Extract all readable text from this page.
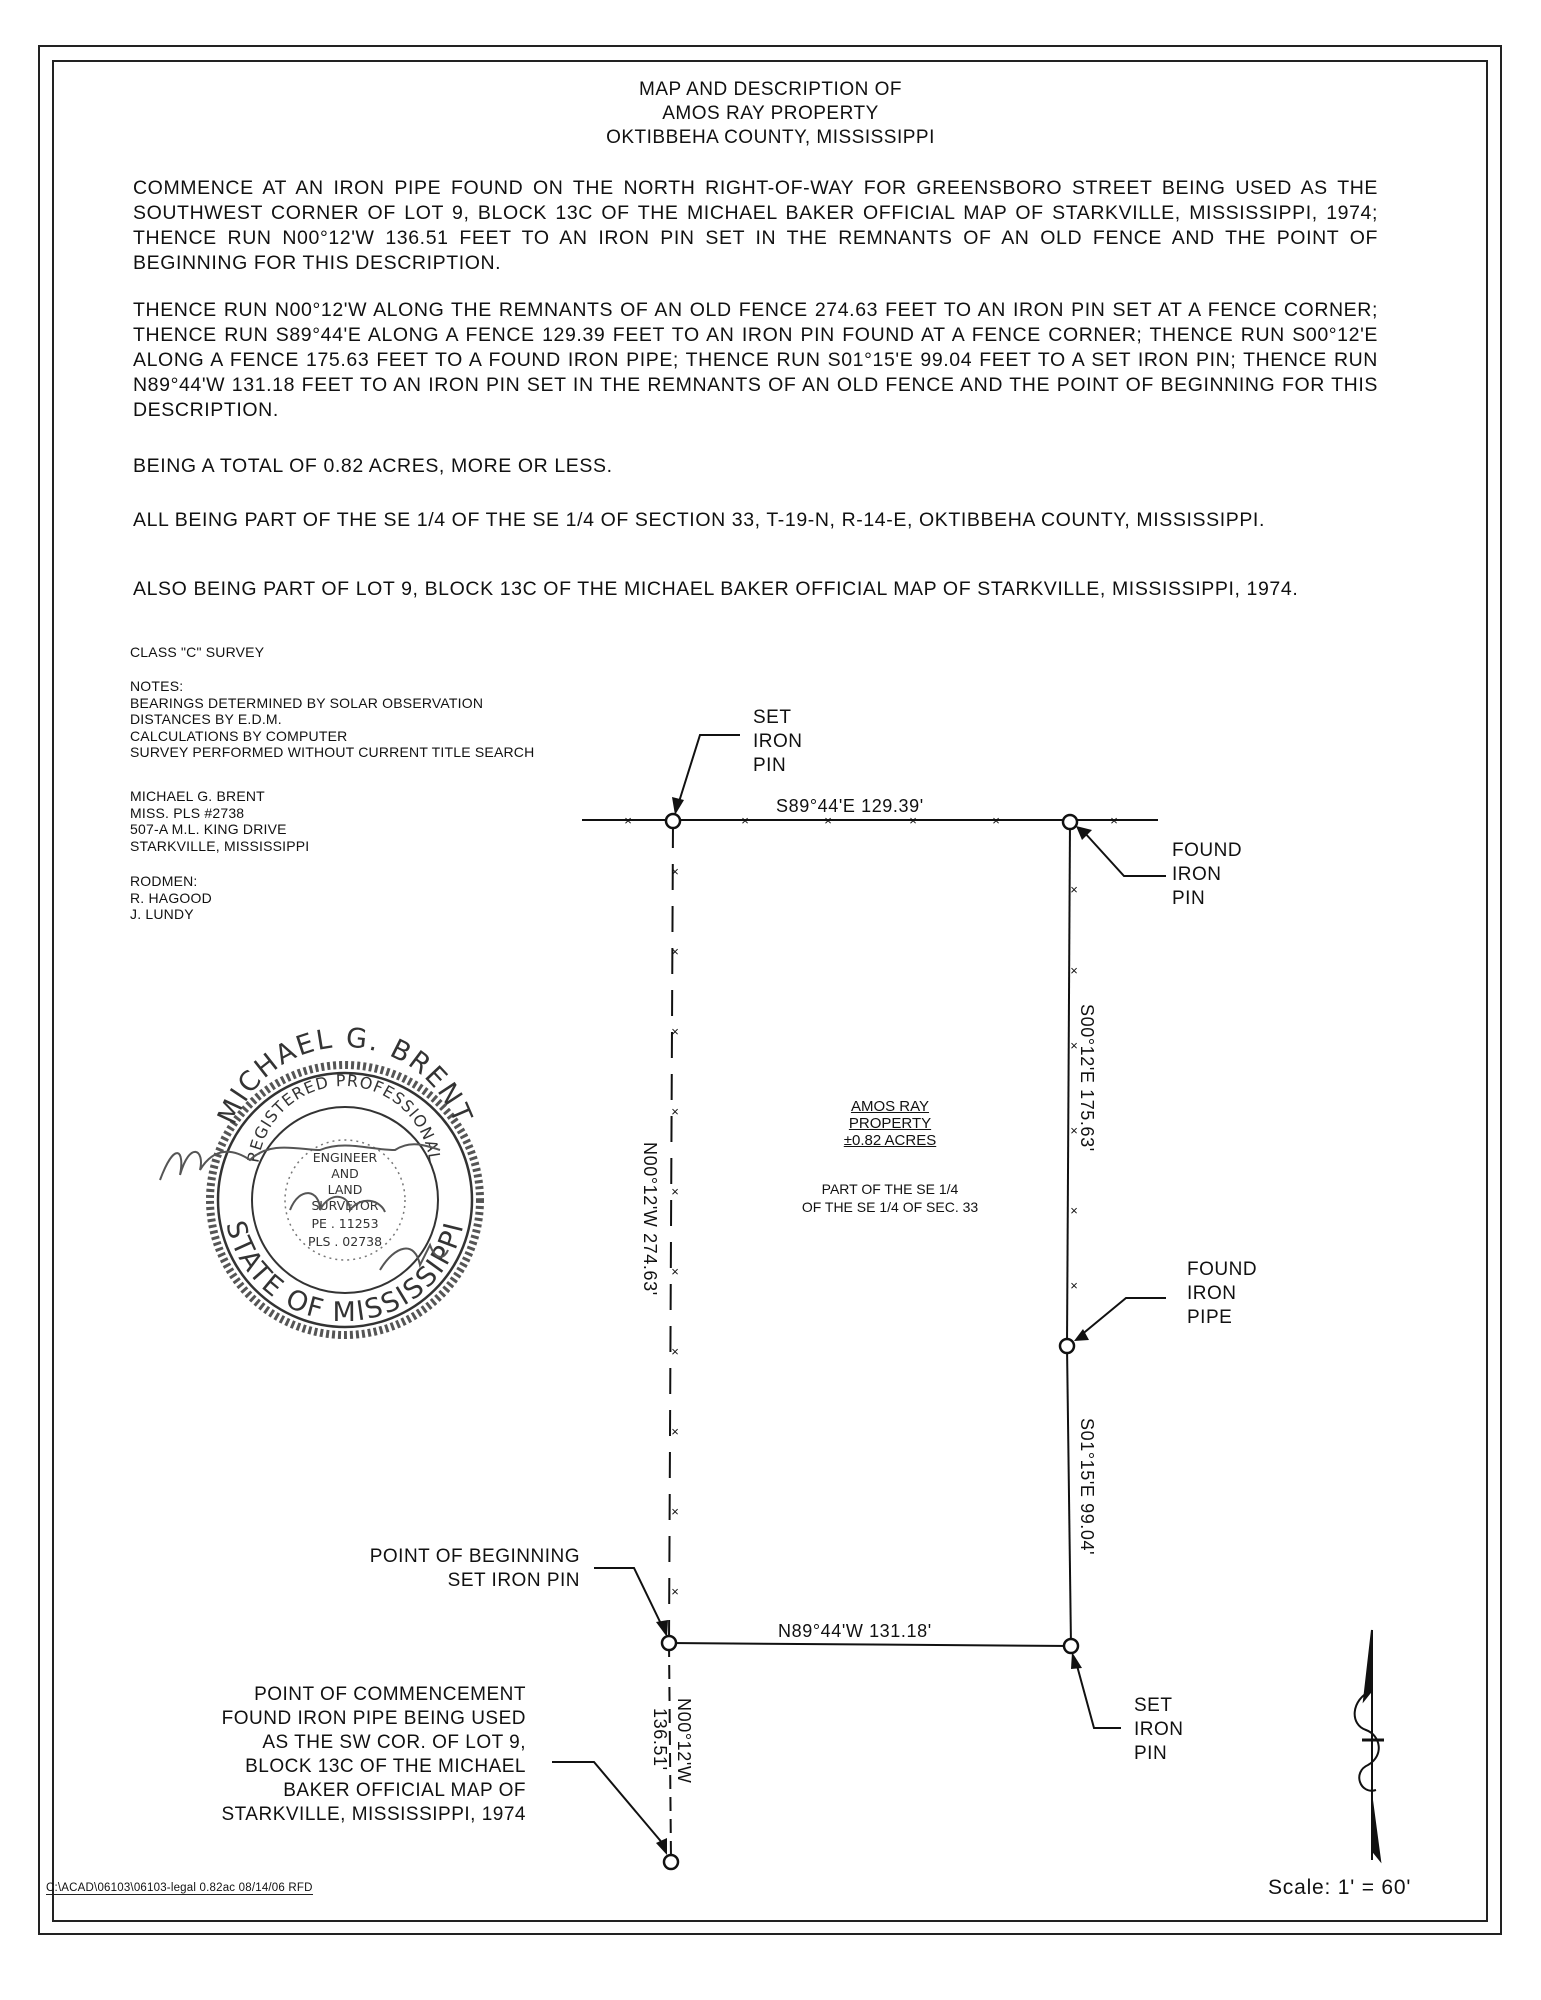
MAP AND DESCRIPTION OF
AMOS RAY PROPERTY
OKTIBBEHA COUNTY, MISSISSIPPI
COMMENCE AT AN IRON PIPE FOUND ON THE NORTH RIGHT-OF-WAY FOR GREENSBORO STREET BEING USED AS THE SOUTHWEST CORNER OF LOT 9, BLOCK 13C OF THE MICHAEL BAKER OFFICIAL MAP OF STARKVILLE, MISSISSIPPI, 1974; THENCE RUN N00°12'W 136.51 FEET TO AN IRON PIN SET IN THE REMNANTS OF AN OLD FENCE AND THE POINT OF BEGINNING FOR THIS DESCRIPTION.
THENCE RUN N00°12'W ALONG THE REMNANTS OF AN OLD FENCE 274.63 FEET TO AN IRON PIN SET AT A FENCE CORNER; THENCE RUN S89°44'E ALONG A FENCE 129.39 FEET TO AN IRON PIN FOUND AT A FENCE CORNER; THENCE RUN S00°12'E ALONG A FENCE 175.63 FEET TO A FOUND IRON PIPE; THENCE RUN S01°15'E 99.04 FEET TO A SET IRON PIN; THENCE RUN N89°44'W 131.18 FEET TO AN IRON PIN SET IN THE REMNANTS OF AN OLD FENCE AND THE POINT OF BEGINNING FOR THIS DESCRIPTION.
BEING A TOTAL OF 0.82 ACRES, MORE OR LESS.
ALL BEING PART OF THE SE 1/4 OF THE SE 1/4 OF SECTION 33, T-19-N, R-14-E, OKTIBBEHA COUNTY, MISSISSIPPI.
ALSO BEING PART OF LOT 9, BLOCK 13C OF THE MICHAEL BAKER OFFICIAL MAP OF STARKVILLE, MISSISSIPPI, 1974.
CLASS "C" SURVEY
NOTES:
BEARINGS DETERMINED BY SOLAR OBSERVATION
DISTANCES BY E.D.M.
CALCULATIONS BY COMPUTER
SURVEY PERFORMED WITHOUT CURRENT TITLE SEARCH
MICHAEL G. BRENT
MISS. PLS #2738
507-A M.L. KING DRIVE
STARKVILLE, MISSISSIPPI
RODMEN:
R. HAGOOD
J. LUNDY
×	×	×	×	×	×
×
×
×
×
×
×
×
×
×
×
×
×
×
×
×
×
MICHAEL G. BRENT
REGISTERED PROFESSIONAL
STATE OF MISSISSIPPI
ENGINEER
AND
LAND
SURVEYOR
PE . 11253
PLS . 02738
S89°44'E 129.39'
N89°44'W 131.18'
S00°12'E 175.63'
S01°15'E 99.04'
N00°12'W 274.63'
N00°12'W
136.51'
SET
IRON
PIN
FOUND
IRON
PIN
FOUND
IRON
PIPE
SET
IRON
PIN
POINT OF BEGINNING
SET IRON PIN
POINT OF COMMENCEMENT
FOUND IRON PIPE BEING USED
AS THE SW COR. OF LOT 9,
BLOCK 13C OF THE MICHAEL
BAKER OFFICIAL MAP OF
STARKVILLE, MISSISSIPPI, 1974
AMOS RAY
PROPERTY
±0.82 ACRES
PART OF THE SE 1/4
OF THE SE 1/4 OF SEC. 33
C:\ACAD\06103\06103-legal 0.82ac 08/14/06 RFD	Scale: 1' = 60'
